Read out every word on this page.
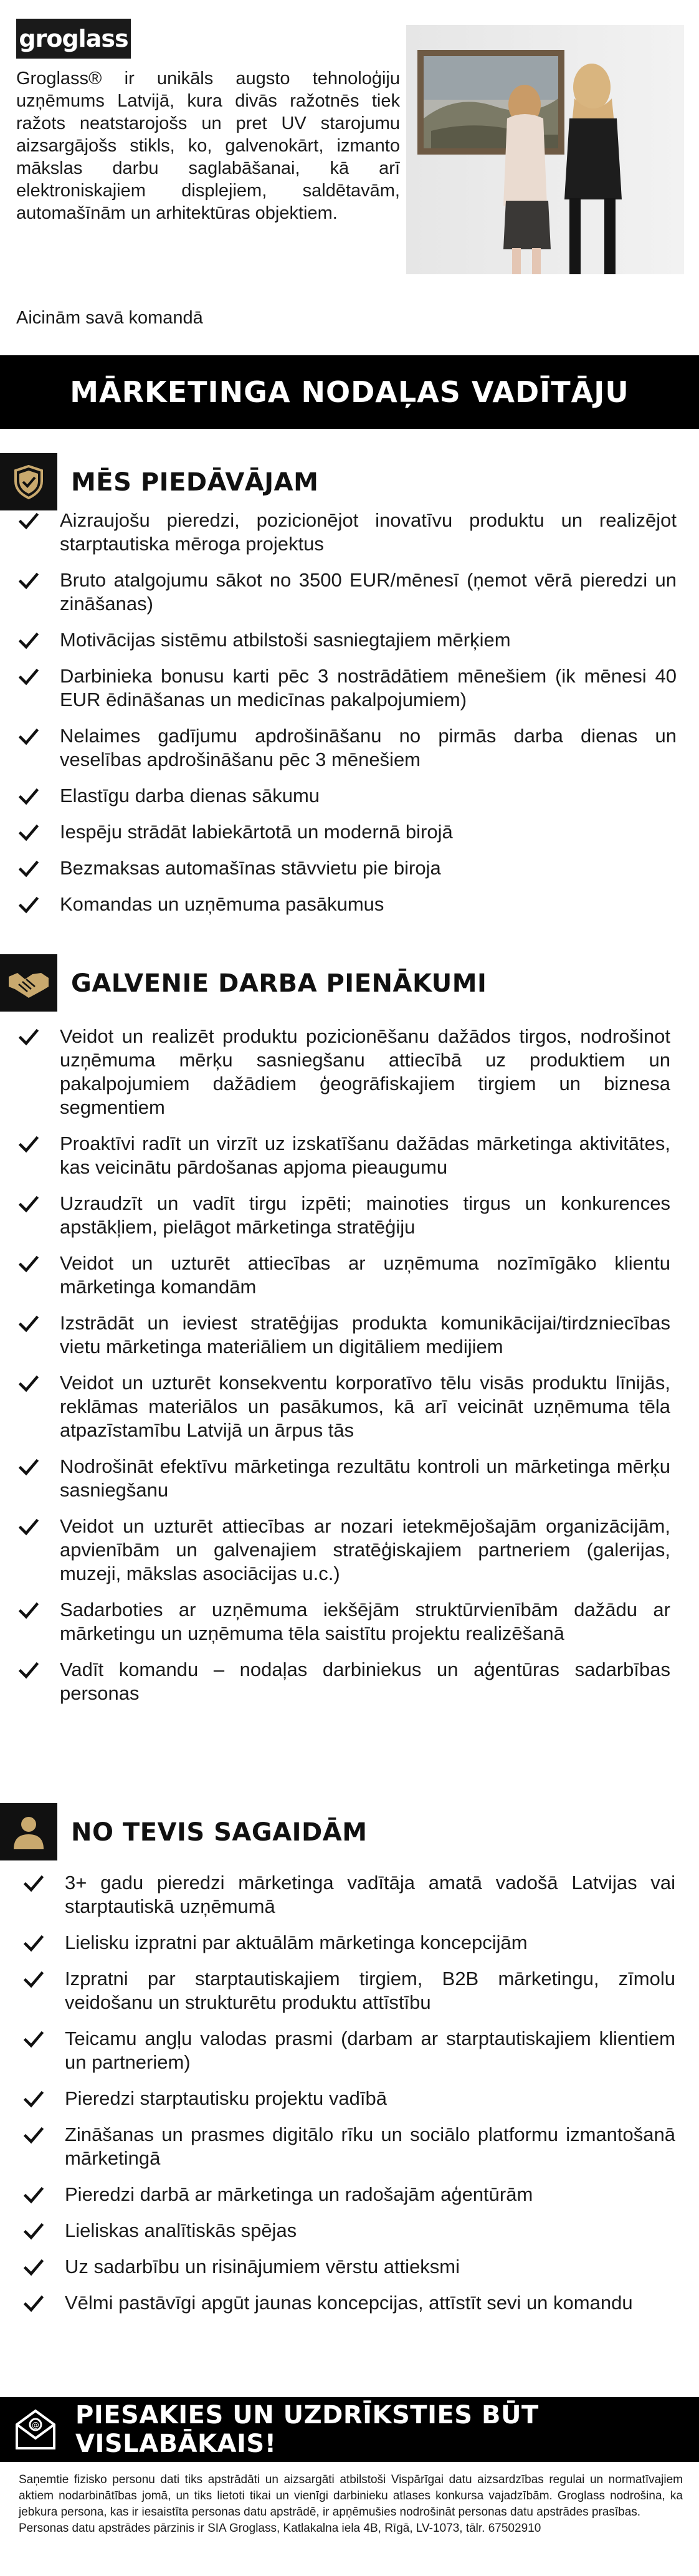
groglass
Groglass® ir unikāls augsto tehnoloģiju uzņēmums Latvijā, kura divās ražotnēs tiek ražots neatstarojošs un pret UV starojumu aizsargājošs stikls, ko, galvenokārt, izmanto mākslas darbu saglabāšanai, kā arī elektroniskajiem displejiem, saldētavām, automašīnām un arhitektūras objektiem.
Aicinām savā komandā
MĀRKETINGA NODAĻAS VADĪTĀJU
MĒS PIEDĀVĀJAM
Aizraujošu pieredzi, pozicionējot inovatīvu produktu un realizējot starptautiska mēroga projektus
Bruto atalgojumu sākot no 3500 EUR/mēnesī (ņemot vērā pieredzi un zināšanas)
Motivācijas sistēmu atbilstoši sasniegtajiem mērķiem
Darbinieka bonusu karti pēc 3 nostrādātiem mēnešiem (ik mēnesi 40 EUR ēdināšanas un medicīnas pakalpojumiem)
Nelaimes gadījumu apdrošināšanu no pirmās darba dienas un veselības apdrošināšanu pēc 3 mēnešiem
Elastīgu darba dienas sākumu
Iespēju strādāt labiekārtotā un modernā birojā
Bezmaksas automašīnas stāvvietu pie biroja
Komandas un uzņēmuma pasākumus
GALVENIE DARBA PIENĀKUMI
Veidot un realizēt produktu pozicionēšanu dažādos tirgos, nodrošinot uzņēmuma mērķu sasniegšanu attiecībā uz produktiem un pakalpojumiem dažādiem ģeogrāfiskajiem tirgiem un biznesa segmentiem
Proaktīvi radīt un virzīt uz izskatīšanu dažādas mārketinga aktivitātes, kas veicinātu pārdošanas apjoma pieaugumu
Uzraudzīt un vadīt tirgu izpēti; mainoties tirgus un konkurences apstākļiem, pielāgot mārketinga stratēģiju
Veidot un uzturēt attiecības ar uzņēmuma nozīmīgāko klientu mārketinga komandām
Izstrādāt un ieviest stratēģijas produkta komunikācijai/tirdzniecības vietu mārketinga materiāliem un digitāliem medijiem
Veidot un uzturēt konsekventu korporatīvo tēlu visās produktu līnijās, reklāmas materiālos un pasākumos, kā arī veicināt uzņēmuma tēla atpazīstamību Latvijā un ārpus tās
Nodrošināt efektīvu mārketinga rezultātu kontroli un mārketinga mērķu sasniegšanu
Veidot un uzturēt attiecības ar nozari ietekmējošajām organizācijām, apvienībām un galvenajiem stratēģiskajiem partneriem (galerijas, muzeji, mākslas asociācijas u.c.)
Sadarboties ar uzņēmuma iekšējām struktūrvienībām dažādu ar mārketingu un uzņēmuma tēla saistītu projektu realizēšanā
Vadīt komandu – nodaļas darbiniekus un aģentūras sadarbības personas
NO TEVIS SAGAIDĀM
3+ gadu pieredzi mārketinga vadītāja amatā vadošā Latvijas vai starptautiskā uzņēmumā
Lielisku izpratni par aktuālām mārketinga koncepcijām
Izpratni par starptautiskajiem tirgiem, B2B mārketingu, zīmolu veidošanu un strukturētu produktu attīstību
Teicamu angļu valodas prasmi (darbam ar starptautiskajiem klientiem un partneriem)
Pieredzi starptautisku projektu vadībā
Zināšanas un prasmes digitālo rīku un sociālo platformu izmantošanā mārketingā
Pieredzi darbā ar mārketinga un radošajām aģentūrām
Lieliskas analītiskās spējas
Uz sadarbību un risinājumiem vērstu attieksmi
Vēlmi pastāvīgi apgūt jaunas koncepcijas, attīstīt sevi un komandu
@ PIESAKIES UN UZDRĪKSTIES BŪT VISLABĀKAIS!
Saņemtie fizisko personu dati tiks apstrādāti un aizsargāti atbilstoši Vispārīgai datu aizsardzības regulai un normatīvajiem aktiem nodarbinātības jomā, un tiks lietoti tikai un vienīgi darbinieku atlases konkursa vajadzībām. Groglass nodrošina, ka jebkura persona, kas ir iesaistīta personas datu apstrādē, ir apņēmušies nodrošināt personas datu apstrādes prasības.
Personas datu apstrādes pārzinis ir SIA Groglass, Katlakalna iela 4B, Rīgā, LV-1073, tālr. 67502910
